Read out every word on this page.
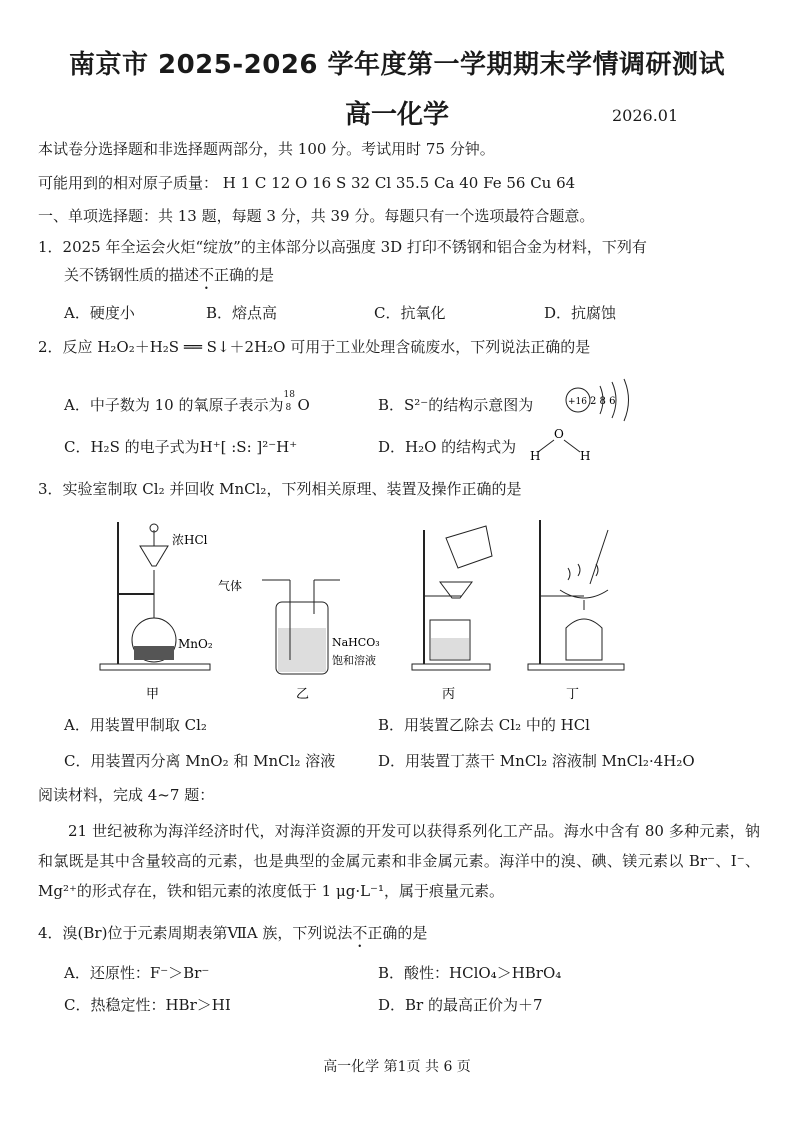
南京市 2025-2026 学年度第一学期期末学情调研测试
高一化学	2026.01
本试卷分选择题和非选择题两部分，共 100 分。考试用时 75 分钟。
可能用到的相对原子质量： H 1 C 12 O 16 S 32 Cl 35.5 Ca 40 Fe 56 Cu 64
一、单项选择题：共 13 题，每题 3 分，共 39 分。每题只有一个选项最符合题意。
1．2025 年全运会火炬“绽放”的主体部分以高强度 3D 打印不锈钢和铝合金为材料，下列有
关不锈钢性质的描述不正确的是
A．硬度小	B．熔点高	C．抗氧化	D．抗腐蚀
2．反应 H₂O₂＋H₂S ══ S↓＋2H₂O 可用于工业处理含硫废水，下列说法正确的是
A．中子数为 10 的氧原子表示为
18
8 O	B．S²⁻的结构示意图为	+16 2 8 6
C．H₂S 的电子式为H⁺[ :S: ]²⁻H⁺	D．H₂O 的结构式为
O
H	H
3．实验室制取 Cl₂ 并回收 MnCl₂，下列相关原理、装置及操作正确的是
浓HCl
MnO₂
甲
气体
NaHCO₃
饱和溶液
乙	丙	丁
A．用装置甲制取 Cl₂	B．用装置乙除去 Cl₂ 中的 HCl
C．用装置丙分离 MnO₂ 和 MnCl₂ 溶液	D．用装置丁蒸干 MnCl₂ 溶液制 MnCl₂·4H₂O
阅读材料，完成 4~7 题：
21 世纪被称为海洋经济时代，对海洋资源的开发可以获得系列化工产品。海水中含有 80 多种元素，钠和氯既是其中含量较高的元素，也是典型的金属元素和非金属元素。海洋中的溴、碘、镁元素以 Br⁻、I⁻、Mg²⁺的形式存在，铁和铝元素的浓度低于 1 μg·L⁻¹，属于痕量元素。
4．溴(Br)位于元素周期表第ⅦA 族，下列说法不正确的是
A．还原性：F⁻＞Br⁻	B．酸性：HClO₄＞HBrO₄
C．热稳定性：HBr＞HI	D．Br 的最高正价为＋7
高一化学 第1页 共 6 页
